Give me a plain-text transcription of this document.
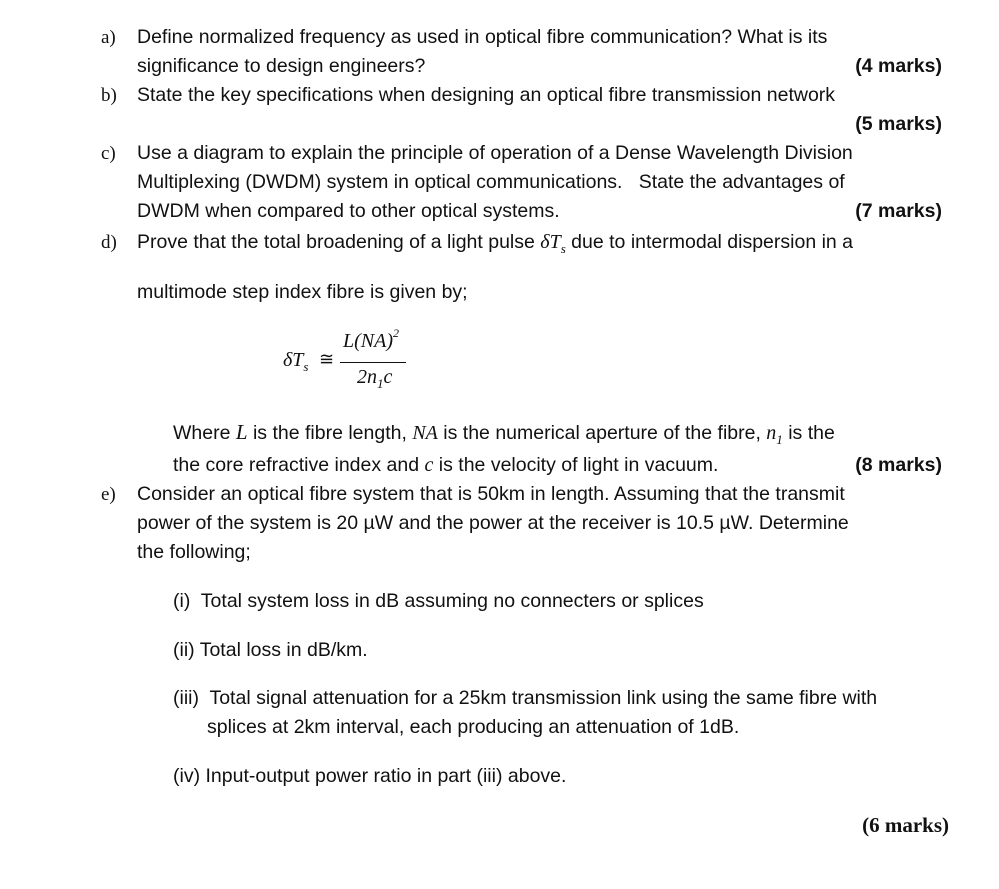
a) Define normalized frequency as used in optical fibre communication? What is its
significance to design engineers?	(4 marks)
b) State the key specifications when designing an optical fibre transmission network
(5 marks)
c) Use a diagram to explain the principle of operation of a Dense Wavelength Division
Multiplexing (DWDM) system in optical communications.   State the advantages of
DWDM when compared to other optical systems.	(7 marks)
d) Prove that the total broadening of a light pulse $\delta T_s$ due to intermodal dispersion in a
multimode step index fibre is given by;
$\delta T_s$ ≅
L(NA)$^2$
$2n_1c$
Where L is the fibre length, NA is the numerical aperture of the fibre, $n_1$ is the
the core refractive index and c is the velocity of light in vacuum.	(8 marks)
e) Consider an optical fibre system that is 50km in length. Assuming that the transmit
power of the system is 20 µW and the power at the receiver is 10.5 µW. Determine
the following;
(i)  Total system loss in dB assuming no connecters or splices
(ii) Total loss in dB/km.
(iii)  Total signal attenuation for a 25km transmission link using the same fibre with
splices at 2km interval, each producing an attenuation of 1dB.
(iv) Input-output power ratio in part (iii) above.
(6 marks)
